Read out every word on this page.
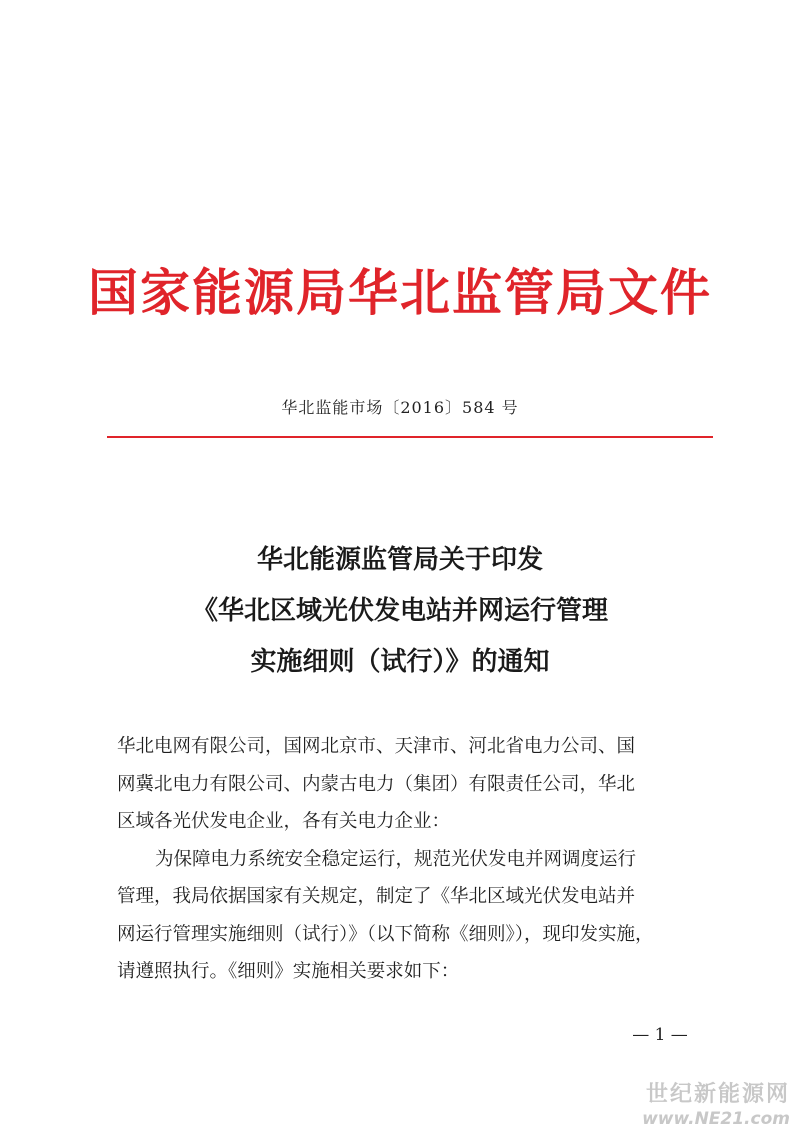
国家能源局华北监管局文件
华北监能市场〔2016〕584 号
华北能源监管局关于印发
《华北区域光伏发电站并网运行管理
实施细则（试行）》的通知
华北电网有限公司，国网北京市、天津市、河北省电力公司、国
网冀北电力有限公司、内蒙古电力（集团）有限责任公司，华北
区域各光伏发电企业，各有关电力企业：
为保障电力系统安全稳定运行，规范光伏发电并网调度运行
管理，我局依据国家有关规定，制定了《华北区域光伏发电站并
网运行管理实施细则（试行）》（以下简称《细则》），现印发实施，
请遵照执行。《细则》实施相关要求如下：
— 1 —
世纪新能源网
www.NE21.com
